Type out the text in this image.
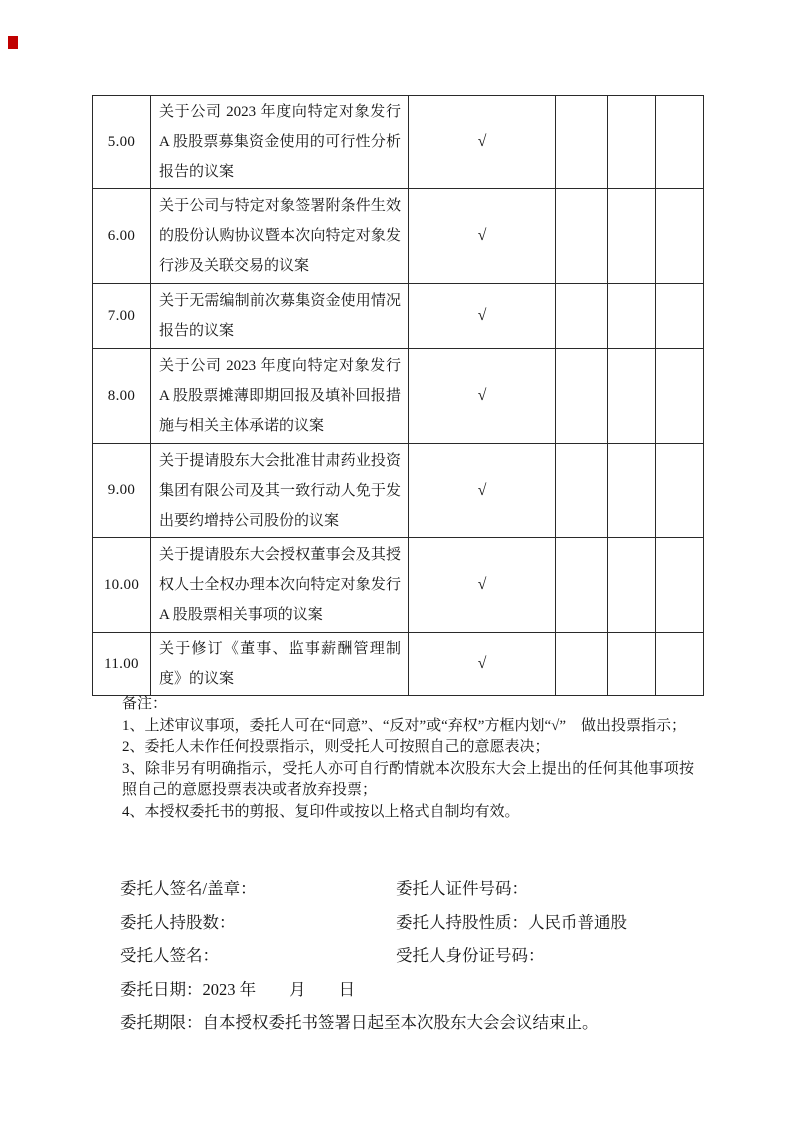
5.00	关于公司 2023 年度向特定对象发行 A 股股票募集资金使用的可行性分析报告的议案	√			
6.00	关于公司与特定对象签署附条件生效的股份认购协议暨本次向特定对象发行涉及关联交易的议案	√			
7.00	关于无需编制前次募集资金使用情况报告的议案	√			
8.00	关于公司 2023 年度向特定对象发行 A 股股票摊薄即期回报及填补回报措施与相关主体承诺的议案	√			
9.00	关于提请股东大会批准甘肃药业投资集团有限公司及其一致行动人免于发出要约增持公司股份的议案	√			
10.00	关于提请股东大会授权董事会及其授权人士全权办理本次向特定对象发行 A 股股票相关事项的议案	√			
11.00	关于修订《董事、监事薪酬管理制度》的议案	√			

备注：

1、上述审议事项，委托人可在“同意”、“反对”或“弃权”方框内划“√”　做出投票指示；

2、委托人未作任何投票指示，则受托人可按照自己的意愿表决；

3、除非另有明确指示，受托人亦可自行酌情就本次股东大会上提出的任何其他事项按照自己的意愿投票表决或者放弃投票；

4、本授权委托书的剪报、复印件或按以上格式自制均有效。

委托人签名/盖章：	委托人证件号码：
委托人持股数：	委托人持股性质：人民币普通股
受托人签名：	受托人身份证号码：
委托日期：2023 年　　月　　日
委托期限：自本授权委托书签署日起至本次股东大会会议结束止。
